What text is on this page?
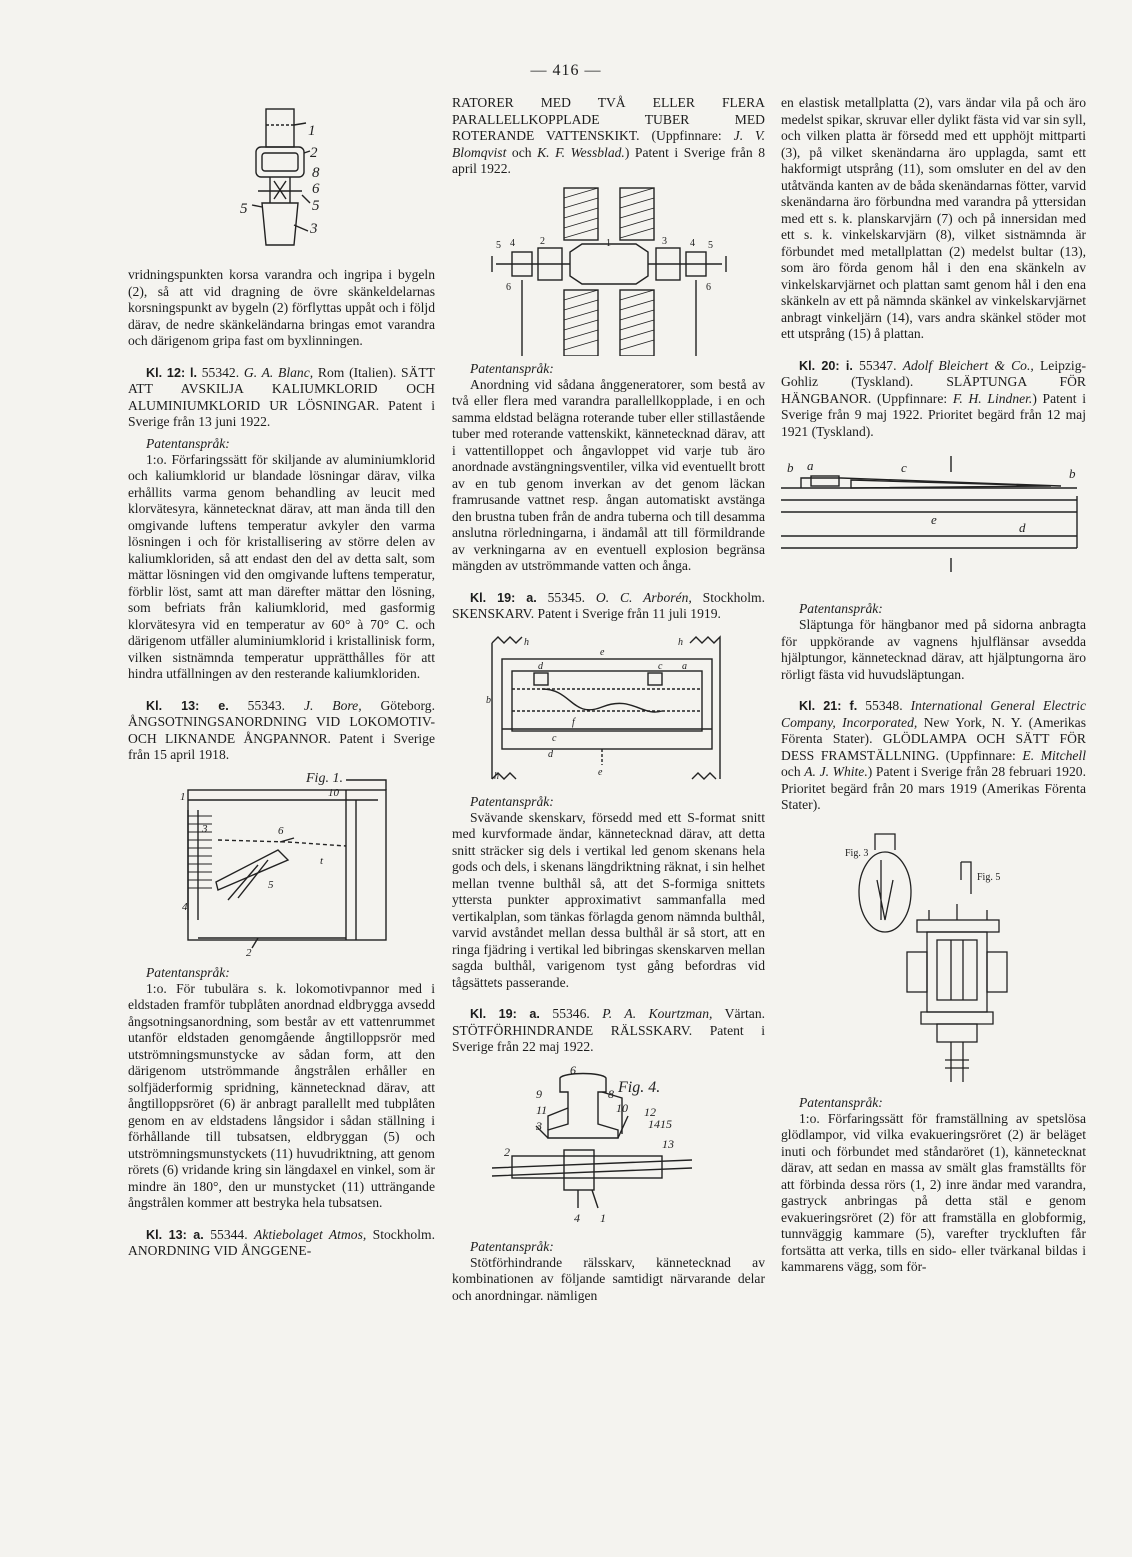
— 416 —
1
2
8
6
5
3
5

vridningspunkten korsa varandra och ingripa i bygeln (2), så att vid dragning de övre skänkeldelarnas korsningspunkt av bygeln (2) förflyttas uppåt och i följd därav, de nedre skänkeländarna bringas emot varandra och därigenom gripa fast om byxlinningen.

Kl. 12: l. 55342. G. A. Blanc, Rom (Italien). SÄTT ATT AVSKILJA KALIUMKLORID OCH ALUMINIUMKLORID UR LÖSNINGAR. Patent i Sverige från 13 juni 1922.

Patentanspråk:

1:o. Förfaringssätt för skiljande av aluminiumklorid och kaliumklorid ur blandade lösningar därav, vilka erhållits varma genom behandling av leucit med klorvätesyra, kännetecknat därav, att man ända till den omgivande luftens temperatur avkyler den varma lösningen i och för kristallisering av större delen av kaliumkloriden, så att endast den del av detta salt, som mättar lösningen vid den omgivande luftens temperatur, förblir löst, samt att man därefter mättar den lösning, som befriats från kaliumklorid, med gasformig klorvätesyra vid en temperatur av 60° à 70° C. och därigenom utfäller aluminiumklorid i kristallinisk form, vilken sistnämnda temperatur upprätthålles för att hindra utfällningen av den resterande kaliumkloriden.

Kl. 13: e. 55343. J. Bore, Göteborg. ÅNGSOTNINGSANORDNING VID LOKOMOTIV- OCH LIKNANDE ÅNGPANNOR. Patent i Sverige från 15 april 1918.

Fig. 1.
1	10
3	6
t
5
4
2
Patentanspråk:

1:o. För tubulära s. k. lokomotivpannor med i eldstaden framför tubplåten anordnad eldbrygga avsedd ångsotningsanordning, som består av ett vattenrummet utanför eldstaden genomgående ångtilloppsrör med utströmningsmunstycke av sådan form, att den därigenom utströmmande ångstrålen erhåller en solfjäderformig spridning, kännetecknad därav, att ångtilloppsröret (6) är anbragt parallellt med tubplåten genom en av eldstadens långsidor i sådan ställning i förhållande till tubsatsen, eldbryggan (5) och utströmningsmunstyckets (11) huvudriktning, att genom rörets (6) vridande kring sin längdaxel en vinkel, som är mindre än 180°, den ur munstycket (11) utträngande ångstrålen kommer att bestryka hela tubsatsen.

Kl. 13: a. 55344. Aktiebolaget Atmos, Stockholm. ANORDNING VID ÅNGGENE-

RATORER MED TVÅ ELLER FLERA PARALLELLKOPPLADE TUBER MED ROTERANDE VATTENSKIKT. (Uppfinnare: J. V. Blomqvist och K. F. Wessblad.) Patent i Sverige från 8 april 1922.

5 4	2	1	3 4 5
6	6
Patentanspråk:

Anordning vid sådana ånggeneratorer, som bestå av två eller flera med varandra parallellkopplade, i en och samma eldstad belägna roterande tuber eller stillastående tuber med roterande vattenskikt, kännetecknad därav, att i vattentilloppet och ångavloppet vid varje tub äro anordnade avstängningsventiler, vilka vid eventuellt brott av en tub genom inverkan av det genom läckan framrusande vattnet resp. ångan automatiskt avstänga den brustna tuben från de andra tuberna och till desamma anslutna rörledningarna, i ändamål att till förmildrande av verkningarna av en eventuell explosion begränsa mängden av utströmmande vatten och ånga.

Kl. 19: a. 55345. O. C. Arborén, Stockholm. SKENSKARV. Patent i Sverige från 11 juli 1919.

h	h
e
d	c a
b
h
f
c
d
e
Patentanspråk:

Svävande skenskarv, försedd med ett S-format snitt med kurvformade ändar, kännetecknad därav, att detta snitt sträcker sig dels i vertikal led genom skenans hela gods och dels, i skenans längdriktning räknat, i sin helhet mellan tvenne bulthål så, att det S-formiga snittets yttersta punkter approximativt sammanfalla med vertikalplan, som tänkas förlagda genom nämnda bulthål, varvid avståndet mellan dessa bulthål är så stort, att en ringa fjädring i vertikal led bibringas skenskarven mellan sagda bulthål, varigenom tyst gång befordras vid tågsättets passerande.

Kl. 19: a. 55346. P. A. Kourtzman, Värtan. STÖTFÖRHINDRANDE RÄLSSKARV. Patent i Sverige från 22 maj 1922.

Fig. 4.
6
9	8
10
11	12
14 15
3
13
2
4 1
Patentanspråk:

Stötförhindrande rälsskarv, kännetecknad av kombinationen av följande samtidigt närvarande delar och anordningar. nämligen

en elastisk metallplatta (2), vars ändar vila på och äro medelst spikar, skruvar eller dylikt fästa vid var sin syll, och vilken platta är försedd med ett upphöjt mittparti (3), på vilket skenändarna äro upplagda, samt ett hakformigt utsprång (11), som omsluter en del av den utåtvända kanten av de båda skenändarnas fötter, varvid skenändarna äro förbundna med varandra på yttersidan med ett s. k. planskarvjärn (7) och på innersidan med ett s. k. vinkelskarvjärn (8), vilket sistnämnda är förbundet med metallplattan (2) medelst bultar (13), som äro förda genom hål i den ena skänkeln av vinkelskarvjärnet och plattan samt genom hål i den ena skänkeln av ett på nämnda skänkel av vinkelskarvjärnet anbragt vinkeljärn (14), vars andra skänkel stöder mot ett utsprång (15) å plattan.

Kl. 20: i. 55347. Adolf Bleichert & Co., Leipzig-Gohliz (Tyskland). SLÄPTUNGA FÖR HÄNGBANOR. (Uppfinnare: F. H. Lindner.) Patent i Sverige från 9 maj 1922. Prioritet begärd från 12 maj 1921 (Tyskland).

b a	c	b
e
d
Patentanspråk:

Släptunga för hängbanor med på sidorna anbragta för uppkörande av vagnens hjulflänsar avsedda hjälptungor, kännetecknad därav, att hjälptungorna äro rörligt fästa vid huvudsläptungan.

Kl. 21: f. 55348. International General Electric Company, Incorporated, New York, N. Y. (Amerikas Förenta Stater). GLÖDLAMPA OCH SÄTT FÖR DESS FRAMSTÄLLNING. (Uppfinnare: E. Mitchell och A. J. White.) Patent i Sverige från 28 februari 1920. Prioritet begärd från 20 mars 1919 (Amerikas Förenta Stater).

Fig. 3
Fig. 5
Patentanspråk:

1:o. Förfaringssätt för framställning av spetslösa glödlampor, vid vilka evakueringsröret (2) är beläget inuti och förbundet med ståndaröret (1), kännetecknat därav, att sedan en massa av smält glas framställts för att förbinda dessa rörs (1, 2) inre ändar med varandra, gastryck anbringas på detta stäl e genom evakueringsröret (2) för att framställa en globformig, tunnväggig kammare (5), varefter tryckluften får fortsätta att verka, tills en sido- eller tvärkanal bildas i kammarens vägg, som för-
